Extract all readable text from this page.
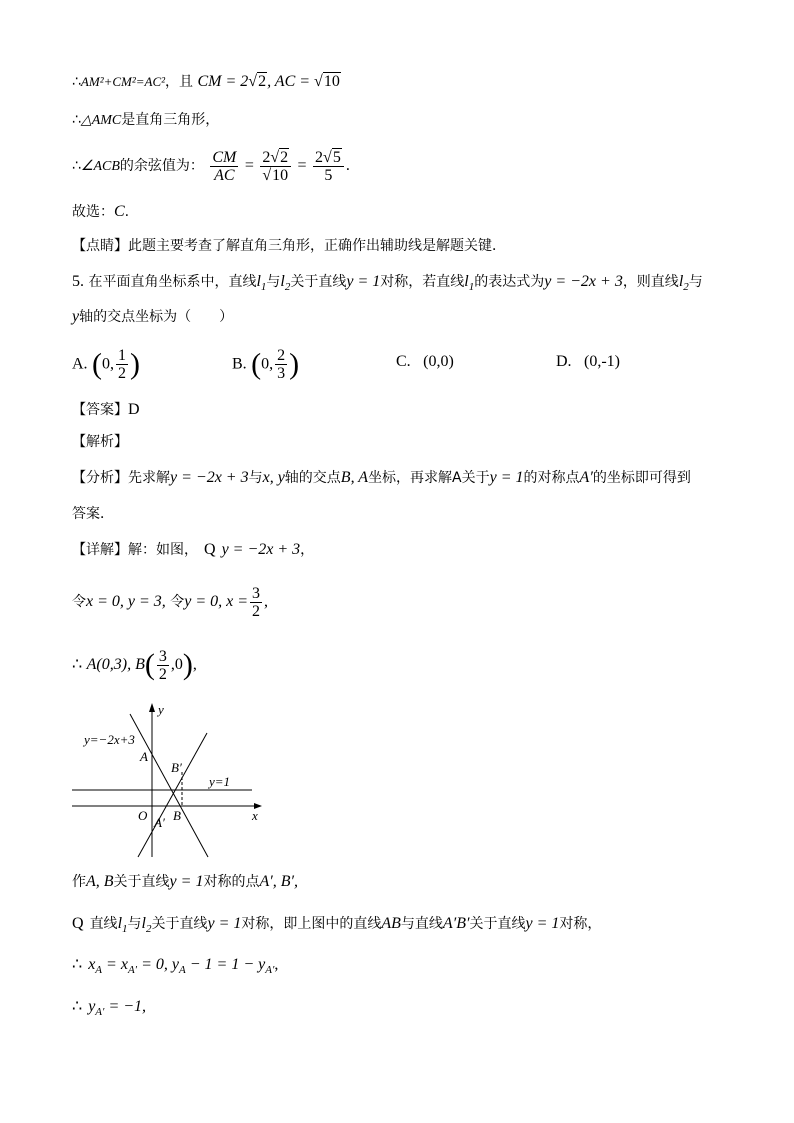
∴AM²+CM²=AC²，且 CM = 2√2, AC = √10
∴△AMC是直角三角形，
∴∠ACB的余弦值为： $\frac{CM}{AC} = \frac{2√2}{√10} = \frac{2√5}{5}$ .
故选：C.
【点睛】此题主要考查了解直角三角形，正确作出辅助线是解题关键．
5. 在平面直角坐标系中，直线$l_1$与$l_2$关于直线y = 1对称，若直线$l_1$的表达式为y = −2x + 3，则直线$l_2$与
y轴的交点坐标为（　　）
A. (0, $\frac{1}{2}$ )	B. (0, $\frac{2}{3}$ )	C. (0,0)	D. (0,-1)
【答案】D
【解析】
【分析】先求解y = −2x + 3与x, y轴的交点B, A坐标，再求解A关于y = 1的对称点A′的坐标即可得到
答案．
【详解】解：如图， Q y = −2x + 3，
令x = 0, y = 3, 令y = 0, $x = \frac{3}{2}$ ,
∴ A(0,3), $B( \frac{3}{2} ,0)$,
y
x
O
y=−2x+3
A
B
B′
A′
y=1
作A, B关于直线y = 1对称的点A′, B′,
Q 直线$l_1$与$l_2$关于直线y = 1对称，即上图中的直线AB与直线A′B′关于直线y = 1对称，
∴ $x_A = x_{A'} = 0$, $y_A - 1 = 1 - y_{A'}$,
∴ $y_{A'} = -1$,
